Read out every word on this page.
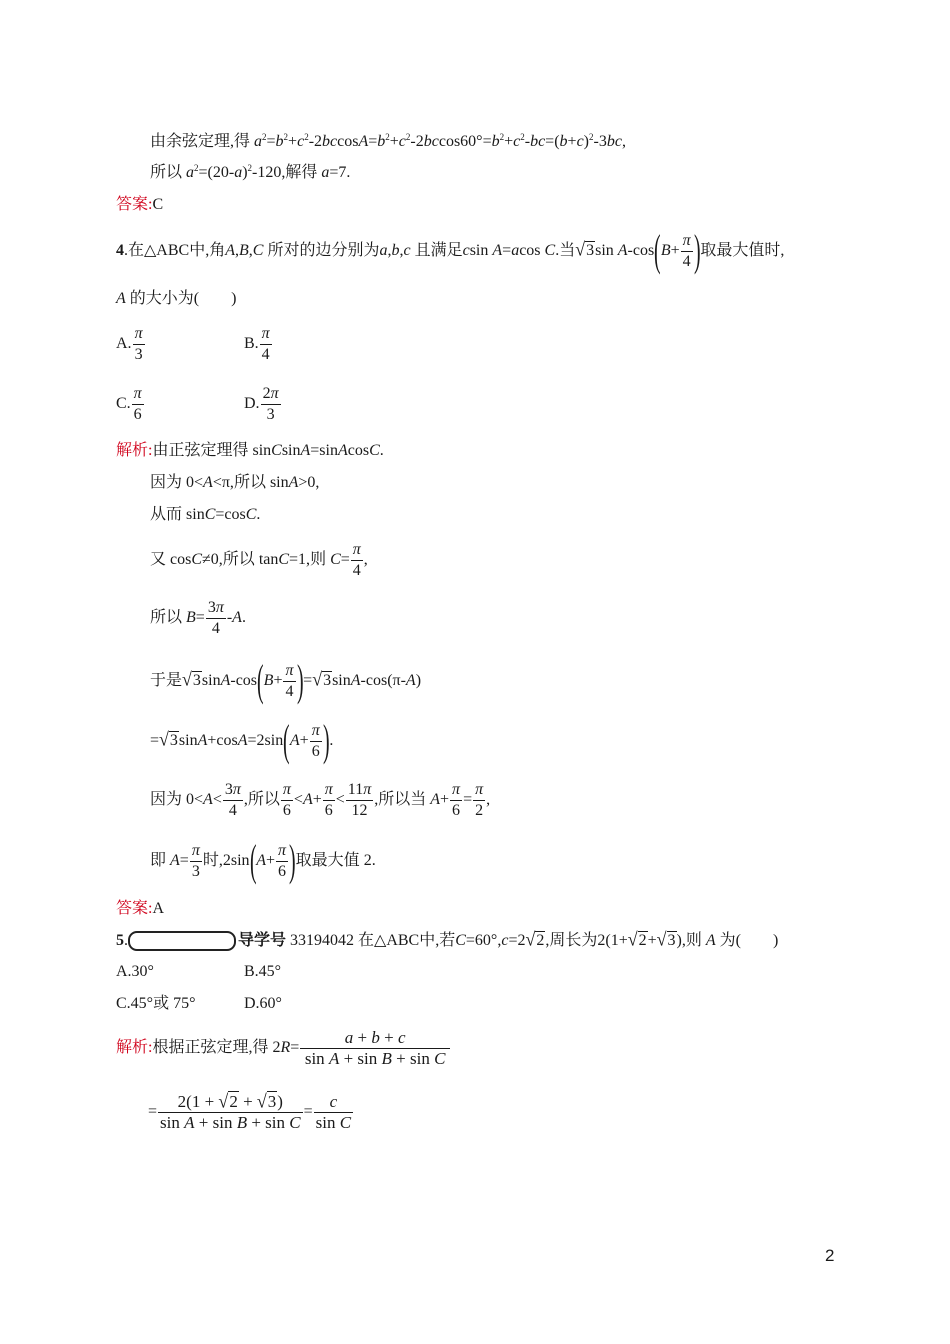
由余弦定理,得 $a^2=b^2+c^2-2bccosA=b^2+c^2-2bccos60^\circ=b^2+c^2-bc=(b+c)^2-3bc$,
所以 $a^2=(20-a)^2-120$,解得 a=7.
答案:C
4.在△ABC中,角A,B,C 所对的边分别为a,b,c 且满足csin A=acos C.当√3sin $A-\cos(B+ \frac{\pi}{4}$ )取最大值时,
A 的大小为(　　)
A. $\frac{\pi}{3}$	B. $\frac{\pi}{4}$
C. $\frac{\pi}{6}$	D. $\frac{2\pi}{3}$
解析:由正弦定理得 sinCsinA=sinAcosC.
因为 0<A<π,所以 sinA>0,
从而 sinC=cosC.
又 cosC≠0,所以 tanC=1,则 $C= \frac{\pi}{4}$ ,
所以 $B= \frac{3\pi}{4} -A$.
于是$√3\sin A-\cos(B+ \frac{\pi}{4} )=√3\sin A-\cos(\pi-A)$
$=√3\sin A+\cos A=2\sin(A+ \frac{\pi}{6}$ ).
因为 $0<A< \frac{3\pi}{4}$ ,所以 $\frac{\pi}{6} <A+ \frac{\pi}{6} < \frac{11\pi}{12}$ ,所以当 $A+ \frac{\pi}{6} = \frac{\pi}{2}$ ,
即 $A= \frac{\pi}{3}$ 时$,2\sin(A+ \frac{\pi}{6}$ )取最大值 2.
答案:A
5.	导学号 33194042 在△ABC中,若C=60°,c=2√2,周长为2(1+√2+√3),则 A 为(　　)
A.30°	B.45°
C.45°或 75°	D.60°
解析:根据正弦定理,得 $2R= \frac{a + b + c}{\text{sin A + sin B + sin C}}$
= $\frac{2(1 + √2 + √3)}{\text{sin A + sin B + sin C}} = \frac{c}{\text{sin C}}$
2
